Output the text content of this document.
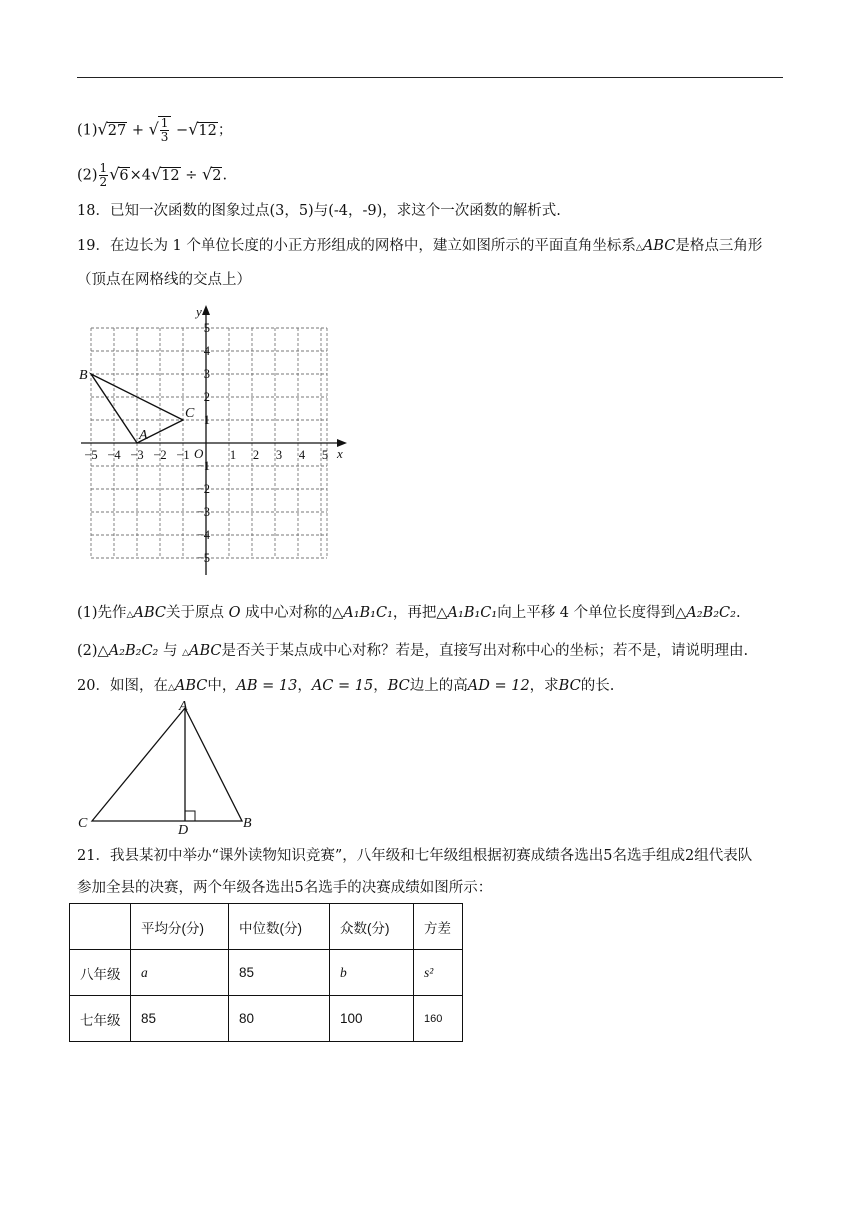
(1)√27 + √ $\frac{1}{3} -√12$；
$(2) \frac{1}{2} √6\times 4√12 \div √2$.
18．已知一次函数的图象过点(3，5)与(-4，-9)，求这个一次函数的解析式.
19．在边长为 1 个单位长度的小正方形组成的网格中，建立如图所示的平面直角坐标系△ABC是格点三角形
（顶点在网格线的交点上）
−5 −4 −3 −2 −1	1 2 3 4 5
5
4
3
2
1
−1
−2
−3
−4
−5
x
y
O
A
B
C
(1)先作△ABC关于原点 O 成中心对称的△A₁B₁C₁，再把△A₁B₁C₁向上平移 4 个单位长度得到△A₂B₂C₂.
(2)△A₂B₂C₂ 与 △ABC是否关于某点成中心对称？若是，直接写出对称中心的坐标；若不是，请说明理由.
20．如图，在△ABC中，AB = 13，AC = 15，BC边上的高AD = 12，求BC的长.
A
C	B
D
21．我县某初中举办“课外读物知识竞赛”，八年级和七年级组根据初赛成绩各选出5名选手组成2组代表队
参加全县的决赛，两个年级各选出5名选手的决赛成绩如图所示：
	平均分(分)	中位数(分)	众数(分)	方差
八年级	a	85	b	s²
七年级	85	80	100	160
